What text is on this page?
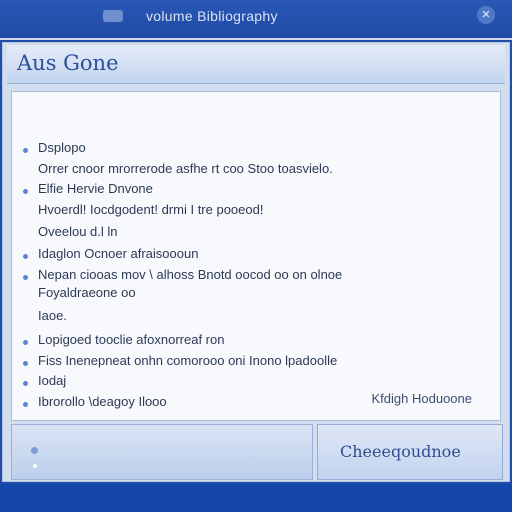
volume Bibliography	✕
Aus Gone
Dsplopo
Orrer cnoor mrorrerode asfhe rt coo Stoo toasvielo.
Elfie Hervie Dnvone
Hvoerdl! Iocdgodent! drmi I tre pooeod!
Oveelou d.l ln
Idaglon Ocnoer afraisoooun
Nepan ciooas mov \ alhoss Bnotd oocod oo on olnoe
Foyaldraeone oo
Iaoe.
Lopigoed tooclie afoxnorreaf ron
Fiss Inenepneat onhn comorooo oni Inono lpadoolle
Iodaj
Ibrorollo \deagoy Ilooo	Kfdigh Hoduoone
Cheeeqoudnoe
